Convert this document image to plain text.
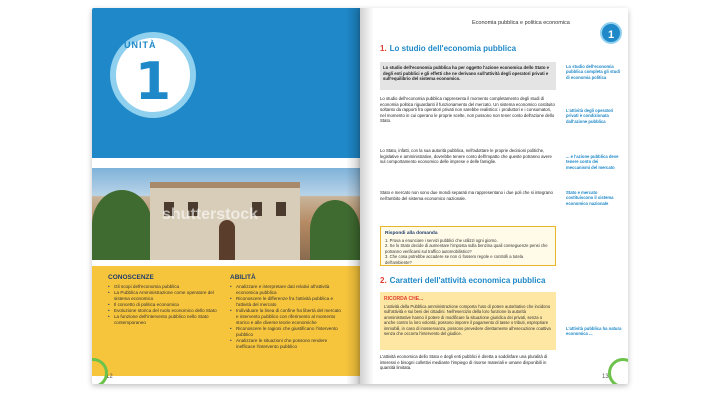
UNITÀ
1
ECONOMIA
PUBBLICA
E POLITICA
ECONOMICA
shutterstock
CONOSCENZE
• Gli scopi dell'economia pubblica
• La Pubblica Amministrazione come operatore del sistema economico
• Il concetto di politica economica
• Evoluzione storica del ruolo economico dello Stato
• La funzione dell'intervento pubblico nello Stato contemporaneo
ABILITÀ
• Analizzare e interpretare dati relativi all'attività economica pubblica
• Riconoscere le differenze fra l'attività pubblica e l'attività del mercato
• Individuare la linea di confine fra libertà del mercato e intervento pubblico con riferimento al momento storico e alle diverse teorie economiche
• Riconoscere le ragioni che giustificano l'intervento pubblico
• Analizzare le situazioni che possono rendere inefficace l'intervento pubblico
12
Economia pubblica e politica economica
1
1. Lo studio dell'economia pubblica
Lo studio dell'economia pubblica ha per oggetto l'azione economica dello Stato e degli enti pubblici e gli effetti che ne derivano sull'attività degli operatori privati e sull'equilibrio del sistema economico.
Lo studio dell'economia pubblica rappresenta il momento completamento degli studi di economia politica riguardanti il funzionamento del mercato. Un sistema economico costituito soltanto da rapporti fra operatori privati non sarebbe realistico: i produttori e i consumatori, nel momento in cui operano le proprie scelte, non possono non tener conto dell'azione dello Stato.
Lo Stato, infatti, con la sua autorità pubblica, nell'adottare le proprie decisioni politiche, legislative e amministrative, dovrebbe tenere conto dell'impatto che queste potranno avere sul comportamento economico delle imprese e delle famiglie.
Stato e mercato non sono due mondi separati ma rappresentano i due poli che si integrano nell'ambito del sistema economico nazionale.
Lo studio dell'economia pubblica completa gli studi di economia politica
L'attività degli operatori privati è condizionata dall'azione pubblica
... e l'azione pubblica deve tenere conto dei meccanismi del mercato
Stato e mercato costituiscono il sistema economico nazionale
L'attività pubblica ha natura economica ...
Rispondi alla domanda
1. Prova a enunciare i servizi pubblici che utilizzi ogni giorno.
2. Se lo Stato decide di aumentare l'imposta sulla benzina quali conseguenze pensi che potranno verificarsi sul traffico automobilistico?
3. Che cosa potrebbe accadere se non ci fossero regole e controlli a tutela dell'ambiente?
2. Caratteri dell'attività economica pubblica
RICORDA CHE...
L'attività della Pubblica amministrazione comporta l'uso di potere autoritativo che incidono sull'attività e sui beni dei cittadini. Nell'esercizio della loro funzione la autorità amministrative hanno il potere di modificare la situazione giuridica dei privati, senza o anche contro la loro volontà; possono imporre il pagamento di tasse o tributi, espropriare immobili, in caso di inosservanza, possono prevedere direttamente all'esecuzione coattiva senza che occorra l'intervento del giudice.
L'attività economica dello Stato e degli enti pubblici è diretta a soddisfare una pluralità di interessi e bisogni collettivi mediante l'impiego di risorse materiali e umane disponibili in quantità limitata.
13
